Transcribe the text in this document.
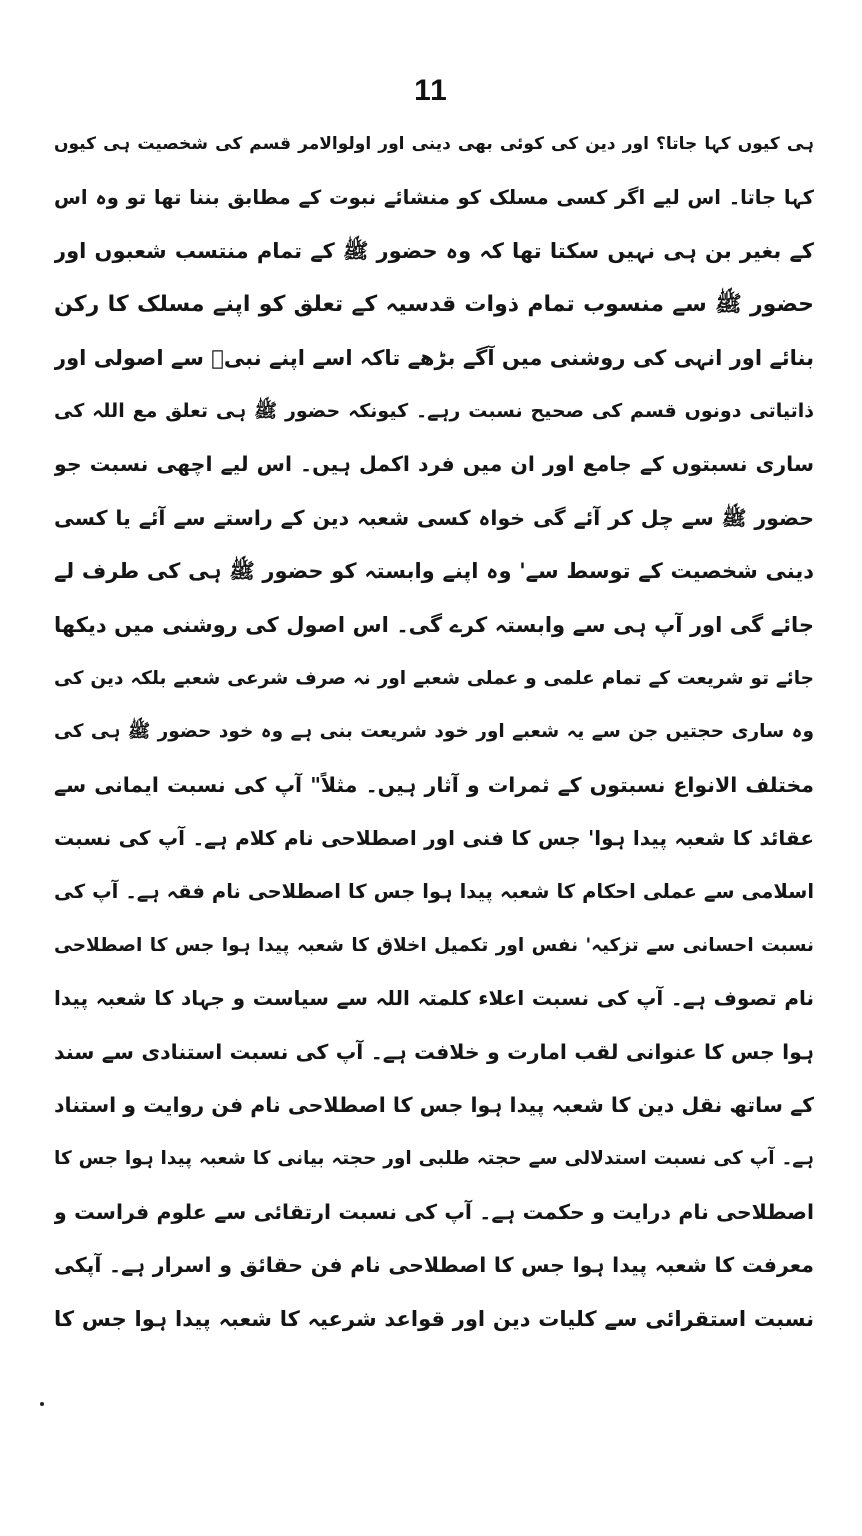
11
ہی کیوں کہا جاتا؟ اور دین کی کوئی بھی دینی اور اولوالامر قسم کی شخصیت ہی کیوں
کہا جاتا۔ اس لیے اگر کسی مسلک کو منشائے نبوت کے مطابق بننا تھا تو وہ اس
کے بغیر بن ہی نہیں سکتا تھا کہ وہ حضور ﷺ کے تمام منتسب شعبوں اور
حضور ﷺ سے منسوب تمام ذوات قدسیہ کے تعلق کو اپنے مسلک کا رکن
بنائے اور انہی کی روشنی میں آگے بڑھے تاکہ اسے اپنے نبیؐ سے اصولی اور
ذاتیاتی دونوں قسم کی صحیح نسبت رہے۔ کیونکہ حضور ﷺ ہی تعلق مع اللہ کی
ساری نسبتوں کے جامع اور ان میں فرد اکمل ہیں۔ اس لیے اچھی نسبت جو
حضور ﷺ سے چل کر آئے گی خواہ کسی شعبہ دین کے راستے سے آئے یا کسی
دینی شخصیت کے توسط سے' وہ اپنے وابستہ کو حضور ﷺ ہی کی طرف لے
جائے گی اور آپ ہی سے وابستہ کرے گی۔ اس اصول کی روشنی میں دیکھا
جائے تو شریعت کے تمام علمی و عملی شعبے اور نہ صرف شرعی شعبے بلکہ دین کی
وہ ساری حجتیں جن سے یہ شعبے اور خود شریعت بنی ہے وہ خود حضور ﷺ ہی کی
مختلف الانواع نسبتوں کے ثمرات و آثار ہیں۔ مثلاً" آپ کی نسبت ایمانی سے
عقائد کا شعبہ پیدا ہوا' جس کا فنی اور اصطلاحی نام کلام ہے۔ آپ کی نسبت
اسلامی سے عملی احکام کا شعبہ پیدا ہوا جس کا اصطلاحی نام فقہ ہے۔ آپ کی
نسبت احسانی سے تزکیہ' نفس اور تکمیل اخلاق کا شعبہ پیدا ہوا جس کا اصطلاحی
نام تصوف ہے۔ آپ کی نسبت اعلاء کلمتہ اللہ سے سیاست و جہاد کا شعبہ پیدا
ہوا جس کا عنوانی لقب امارت و خلافت ہے۔ آپ کی نسبت استنادی سے سند
کے ساتھ نقل دین کا شعبہ پیدا ہوا جس کا اصطلاحی نام فن روایت و استناد
ہے۔ آپ کی نسبت استدلالی سے حجتہ طلبی اور حجتہ بیانی کا شعبہ پیدا ہوا جس کا
اصطلاحی نام درایت و حکمت ہے۔ آپ کی نسبت ارتقائی سے علوم فراست و
معرفت کا شعبہ پیدا ہوا جس کا اصطلاحی نام فن حقائق و اسرار ہے۔ آپکی
نسبت استقرائی سے کلیات دین اور قواعد شرعیہ کا شعبہ پیدا ہوا جس کا
